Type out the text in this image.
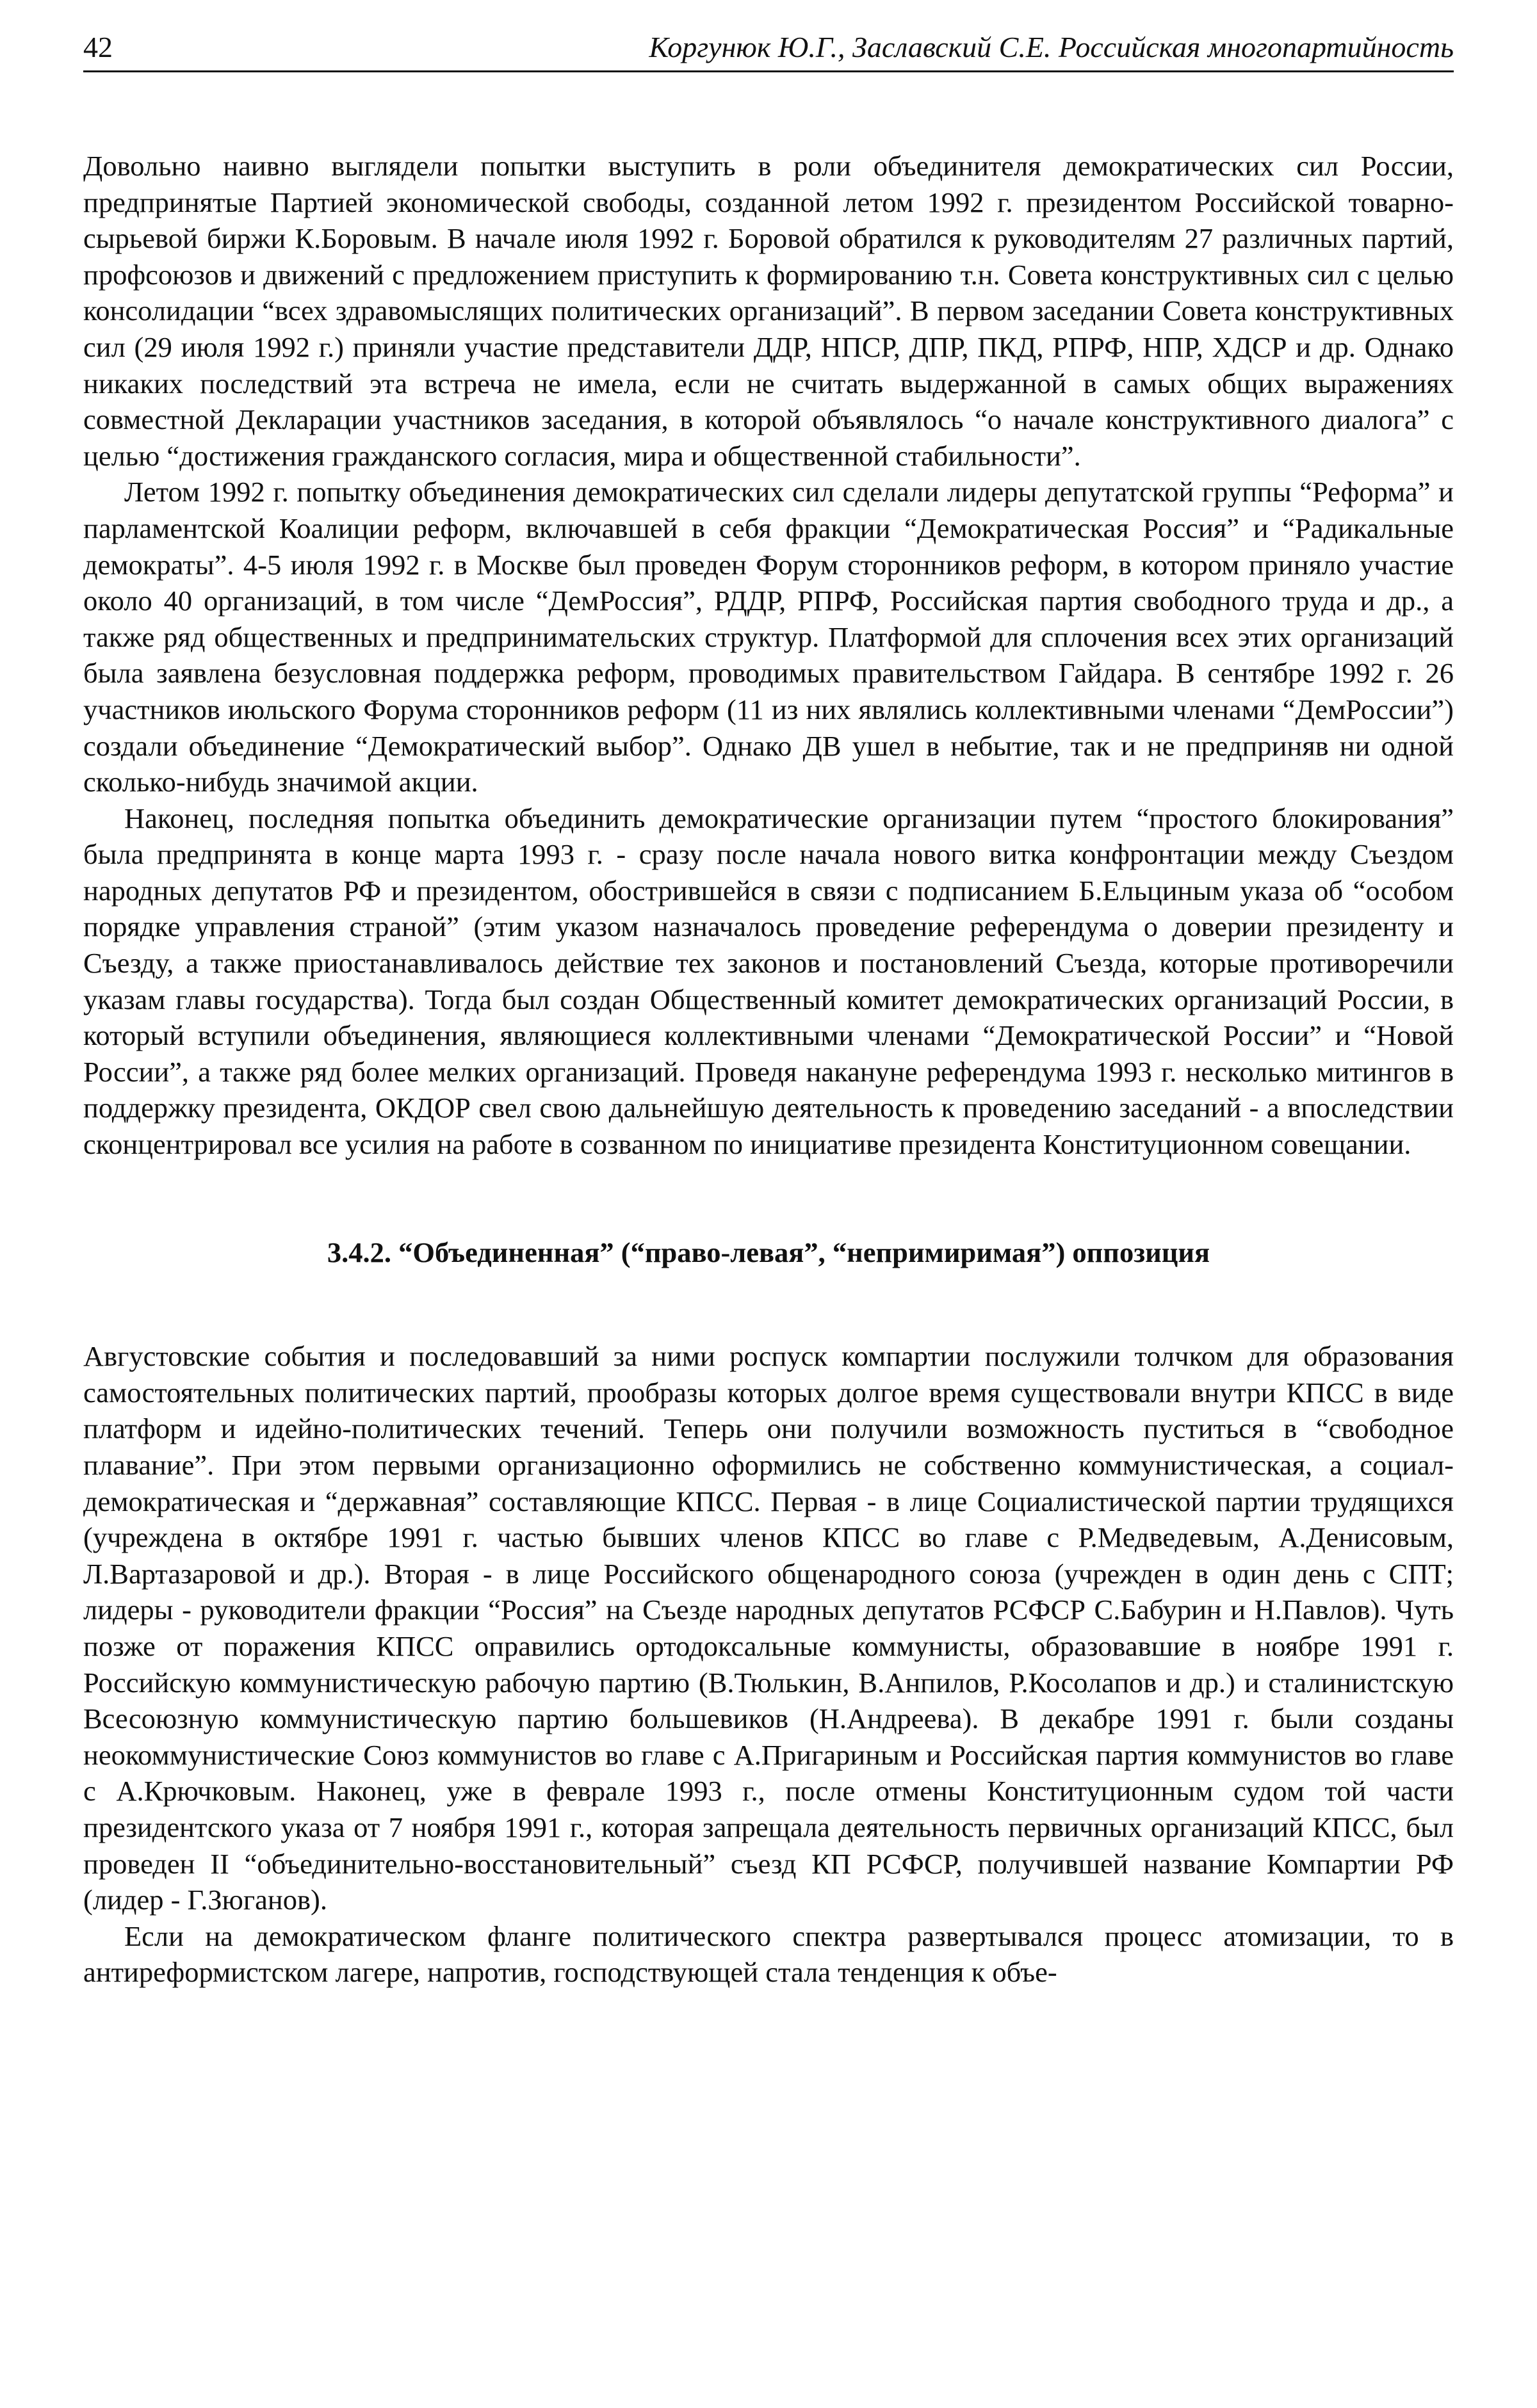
42	Коргунюк Ю.Г., Заславский С.Е. Российская многопартийность

Довольно наивно выглядели попытки выступить в роли объединителя демократических сил России, предпринятые Партией экономической свободы, созданной летом 1992 г. президентом Российской товарно-сырьевой биржи К.Боровым. В начале июля 1992 г. Боровой обратился к руководителям 27 различных партий, профсоюзов и движений с предложением приступить к формированию т.н. Совета конструктивных сил с целью консолидации “всех здравомыслящих политических организаций”. В первом заседании Совета конструктивных сил (29 июля 1992 г.) приняли участие представители ДДР, НПСР, ДПР, ПКД, РПРФ, НПР, ХДСР и др. Однако никаких последствий эта встреча не имела, если не считать выдержанной в самых общих выражениях совместной Декларации участников заседания, в которой объявлялось “о начале конструктивного диалога” с целью “достижения гражданского согласия, мира и общественной стабильности”.

Летом 1992 г. попытку объединения демократических сил сделали лидеры депутатской группы “Реформа” и парламентской Коалиции реформ, включавшей в себя фракции “Демократическая Россия” и “Радикальные демократы”. 4-5 июля 1992 г. в Москве был проведен Форум сторонников реформ, в котором приняло участие около 40 организаций, в том числе “ДемРоссия”, РДДР, РПРФ, Российская партия свободного труда и др., а также ряд общественных и предпринимательских структур. Платформой для сплочения всех этих организаций была заявлена безусловная поддержка реформ, проводимых правительством Гайдара. В сентябре 1992 г. 26 участников июльского Форума сторонников реформ (11 из них являлись коллективными членами “ДемРоссии”) создали объединение “Демократический выбор”. Однако ДВ ушел в небытие, так и не предприняв ни одной сколько-нибудь значимой акции.

Наконец, последняя попытка объединить демократические организации путем “простого блокирования” была предпринята в конце марта 1993 г. - сразу после начала нового витка конфронтации между Съездом народных депутатов РФ и президентом, обострившейся в связи с подписанием Б.Ельциным указа об “особом порядке управления страной” (этим указом назначалось проведение референдума о доверии президенту и Съезду, а также приостанавливалось действие тех законов и постановлений Съезда, которые противоречили указам главы государства). Тогда был создан Общественный комитет демократических организаций России, в который вступили объединения, являющиеся коллективными членами “Демократической России” и “Новой России”, а также ряд более мелких организаций. Проведя накануне референдума 1993 г. несколько митингов в поддержку президента, ОКДОР свел свою дальнейшую деятельность к проведению заседаний - а впоследствии сконцентрировал все усилия на работе в созванном по инициативе президента Конституционном совещании.

3.4.2. “Объединенная” (“право-левая”, “непримиримая”) оппозиция

Августовские события и последовавший за ними роспуск компартии послужили толчком для образования самостоятельных политических партий, прообразы которых долгое время существовали внутри КПСС в виде платформ и идейно-политических течений. Теперь они получили возможность пуститься в “свободное плавание”. При этом первыми организационно оформились не собственно коммунистическая, а социал-демократическая и “державная” составляющие КПСС. Первая - в лице Социалистической партии трудящихся (учреждена в октябре 1991 г. частью бывших членов КПСС во главе с Р.Медведевым, А.Денисовым, Л.Вартазаровой и др.). Вторая - в лице Российского общенародного союза (учрежден в один день с СПТ; лидеры - руководители фракции “Россия” на Съезде народных депутатов РСФСР С.Бабурин и Н.Павлов). Чуть позже от поражения КПСС оправились ортодоксальные коммунисты, образовавшие в ноябре 1991 г. Российскую коммунистическую рабочую партию (В.Тюлькин, В.Анпилов, Р.Косолапов и др.) и сталинистскую Всесоюзную коммунистическую партию большевиков (Н.Андреева). В декабре 1991 г. были созданы неокоммунистические Союз коммунистов во главе с А.Пригариным и Российская партия коммунистов во главе с А.Крючковым. Наконец, уже в феврале 1993 г., после отмены Конституционным судом той части президентского указа от 7 ноября 1991 г., которая запрещала деятельность первичных организаций КПСС, был проведен II “объединительно-восстановительный” съезд КП РСФСР, получившей название Компартии РФ (лидер - Г.Зюганов).

Если на демократическом фланге политического спектра развертывался процесс атомизации, то в антиреформистском лагере, напротив, господствующей стала тенденция к объе-
